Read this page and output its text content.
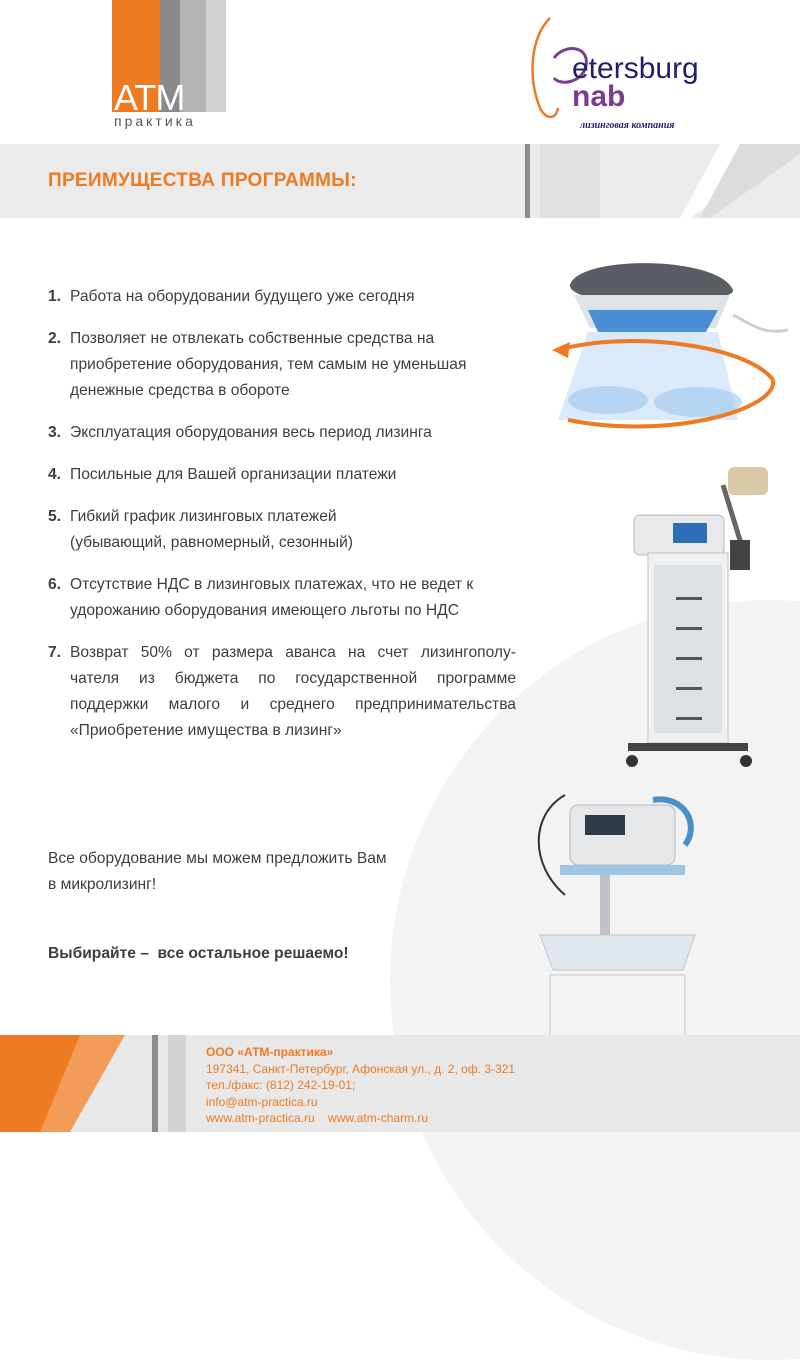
ATM
практика
etersburg
nab
лизинговая компания
ПРЕИМУЩЕСТВА ПРОГРАММЫ:
1. Работа на оборудовании будущего уже сегодня
2. Позволяет не отвлекать собственные средства на
приобретение оборудования, тем самым не уменьшая
денежные средства в обороте
3. Эксплуатация оборудования весь период лизинга
4. Посильные для Вашей организации платежи
5. Гибкий график лизинговых платежей
(убывающий, равномерный, сезонный)
6. Отсутствие НДС в лизинговых платежах, что не ведет к
удорожанию оборудования имеющего льготы по НДС
7. Возврат 50% от размера аванса на счет лизингополу-
чателя из бюджета по государственной программе
поддержки малого и среднего предпринимательства
«Приобретение имущества в лизинг»

Все оборудование мы можем предложить Вам
в микролизинг!

Выбирайте –  все остальное решаемо!

ООО «АТМ-практика»
197341, Санкт-Петербург, Афонская ул., д. 2, оф. 3-321
тел./факс: (812) 242-19-01;
info@atm-practica.ru
www.atm-practica.ru www.atm-charm.ru
